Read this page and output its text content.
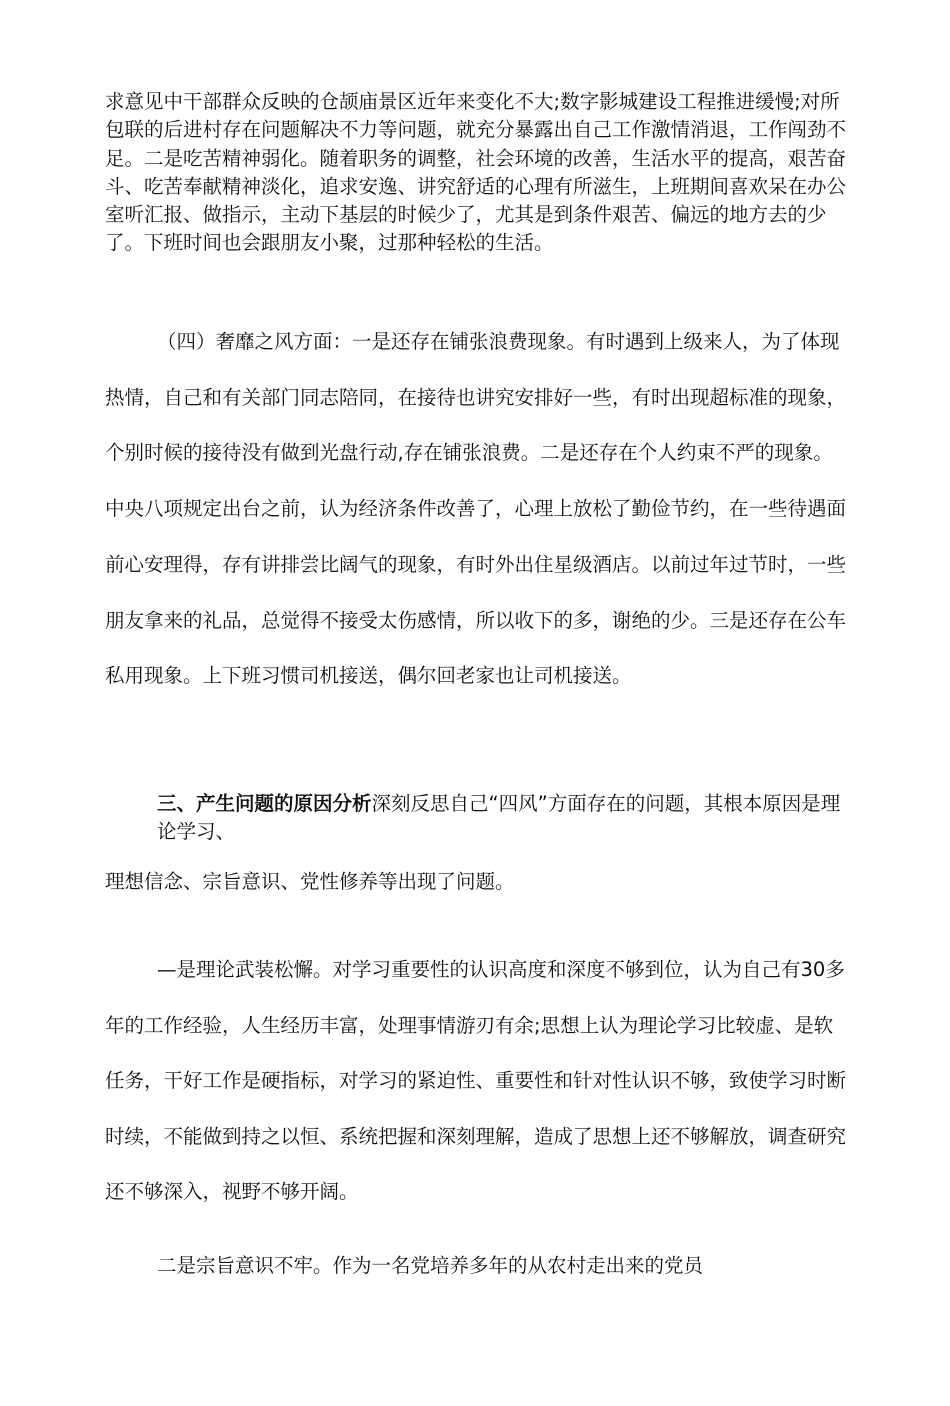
求意见中干部群众反映的仓颉庙景区近年来变化不大;数字影城建设工程推进缓慢;对所包联的后进村存在问题解决不力等问题，就充分暴露出自己工作激情消退，工作闯劲不足。二是吃苦精神弱化。随着职务的调整，社会环境的改善，生活水平的提高，艰苦奋斗、吃苦奉献精神淡化，追求安逸、讲究舒适的心理有所滋生，上班期间喜欢呆在办公室听汇报、做指示，主动下基层的时候少了，尤其是到条件艰苦、偏远的地方去的少了。下班时间也会跟朋友小聚，过那种轻松的生活。

（四）奢靡之风方面：一是还存在铺张浪费现象。有时遇到上级来人，为了体现热情，自己和有关部门同志陪同，在接待也讲究安排好一些，有时出现超标准的现象，个别时候的接待没有做到光盘行动,存在铺张浪费。二是还存在个人约束不严的现象。中央八项规定出台之前，认为经济条件改善了，心理上放松了勤俭节约，在一些待遇面前心安理得，存有讲排尝比阔气的现象，有时外出住星级酒店。以前过年过节时，一些朋友拿来的礼品，总觉得不接受太伤感情，所以收下的多，谢绝的少。三是还存在公车私用现象。上下班习惯司机接送，偶尔回老家也让司机接送。

三、产生问题的原因分析深刻反思自己“四风”方面存在的问题，其根本原因是理论学习、

理想信念、宗旨意识、党性修养等出现了问题。

—是理论武装松懈。对学习重要性的认识高度和深度不够到位，认为自己有30多年的工作经验，人生经历丰富，处理事情游刃有余;思想上认为理论学习比较虚、是软任务，干好工作是硬指标，对学习的紧迫性、重要性和针对性认识不够，致使学习时断时续，不能做到持之以恒、系统把握和深刻理解，造成了思想上还不够解放，调查研究还不够深入，视野不够开阔。

二是宗旨意识不牢。作为一名党培养多年的从农村走出来的党员
